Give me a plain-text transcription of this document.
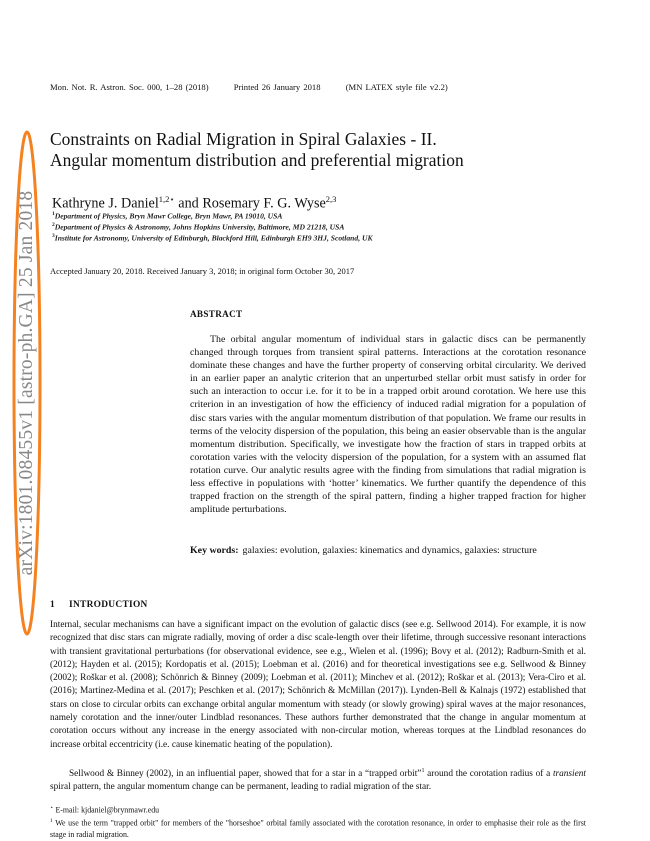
Mon. Not. R. Astron. Soc. 000, 1–28 (2018)	Printed 26 January 2018	(MN LATEX style file v2.2)
Constraints on Radial Migration in Spiral Galaxies - II.
Angular momentum distribution and preferential migration
Kathryne J. Daniel$^{1,2⋆}$ and Rosemary F. G. Wyse$^{2,3}$
$^1$Department of Physics, Bryn Mawr College, Bryn Mawr, PA 19010, USA
$^2$Department of Physics & Astronomy, Johns Hopkins University, Baltimore, MD 21218, USA
$^3$Institute for Astronomy, University of Edinburgh, Blackford Hill, Edinburgh EH9 3HJ, Scotland, UK
Accepted January 20, 2018. Received January 3, 2018; in original form October 30, 2017
ABSTRACT

The orbital angular momentum of individual stars in galactic discs can be permanently changed through torques from transient spiral patterns. Interactions at the corotation resonance dominate these changes and have the further property of conserving orbital circularity. We derived in an earlier paper an analytic criterion that an unperturbed stellar orbit must satisfy in order for such an interaction to occur i.e. for it to be in a trapped orbit around corotation. We here use this criterion in an investigation of how the efficiency of induced radial migration for a population of disc stars varies with the angular momentum distribution of that population. We frame our results in terms of the velocity dispersion of the population, this being an easier observable than is the angular momentum distribution. Specifically, we investigate how the fraction of stars in trapped orbits at corotation varies with the velocity dispersion of the population, for a system with an assumed flat rotation curve. Our analytic results agree with the finding from simulations that radial migration is less effective in populations with ‘hotter’ kinematics. We further quantify the dependence of this trapped fraction on the strength of the spiral pattern, finding a higher trapped fraction for higher amplitude perturbations.

Key words: galaxies: evolution, galaxies: kinematics and dynamics, galaxies: structure
1 INTRODUCTION

Internal, secular mechanisms can have a significant impact on the evolution of galactic discs (see e.g. Sellwood 2014). For example, it is now recognized that disc stars can migrate radially, moving of order a disc scale-length over their lifetime, through successive resonant interactions with transient gravitational perturbations (for observational evidence, see e.g., Wielen et al. (1996); Bovy et al. (2012); Radburn-Smith et al. (2012); Hayden et al. (2015); Kordopatis et al. (2015); Loebman et al. (2016) and for theoretical investigations see e.g. Sellwood & Binney (2002); Roškar et al. (2008); Schönrich & Binney (2009); Loebman et al. (2011); Minchev et al. (2012); Roškar et al. (2013); Vera-Ciro et al. (2016); Martinez-Medina et al. (2017); Peschken et al. (2017); Schönrich & McMillan (2017)). Lynden-Bell & Kalnajs (1972) established that stars on close to circular orbits can exchange orbital angular momentum with steady (or slowly growing) spiral waves at the major resonances, namely corotation and the inner/outer Lindblad resonances. These authors further demonstrated that the change in angular momentum at corotation occurs without any increase in the energy associated with non-circular motion, whereas torques at the Lindblad resonances do increase orbital eccentricity (i.e. cause kinematic heating of the population).

Sellwood & Binney (2002), in an influential paper, showed that for a star in a “trapped orbit”$^1$ around the corotation radius of a transient spiral pattern, the angular momentum change can be permanent, leading to radial migration of the star.

⋆ E-mail: kjdaniel@brynmawr.edu
$^1$ We use the term "trapped orbit" for members of the "horseshoe" orbital family associated with the corotation resonance, in order to emphasise their role as the first stage in radial migration.
arXiv:1801.08455v1 [astro-ph.GA] 25 Jan 2018
